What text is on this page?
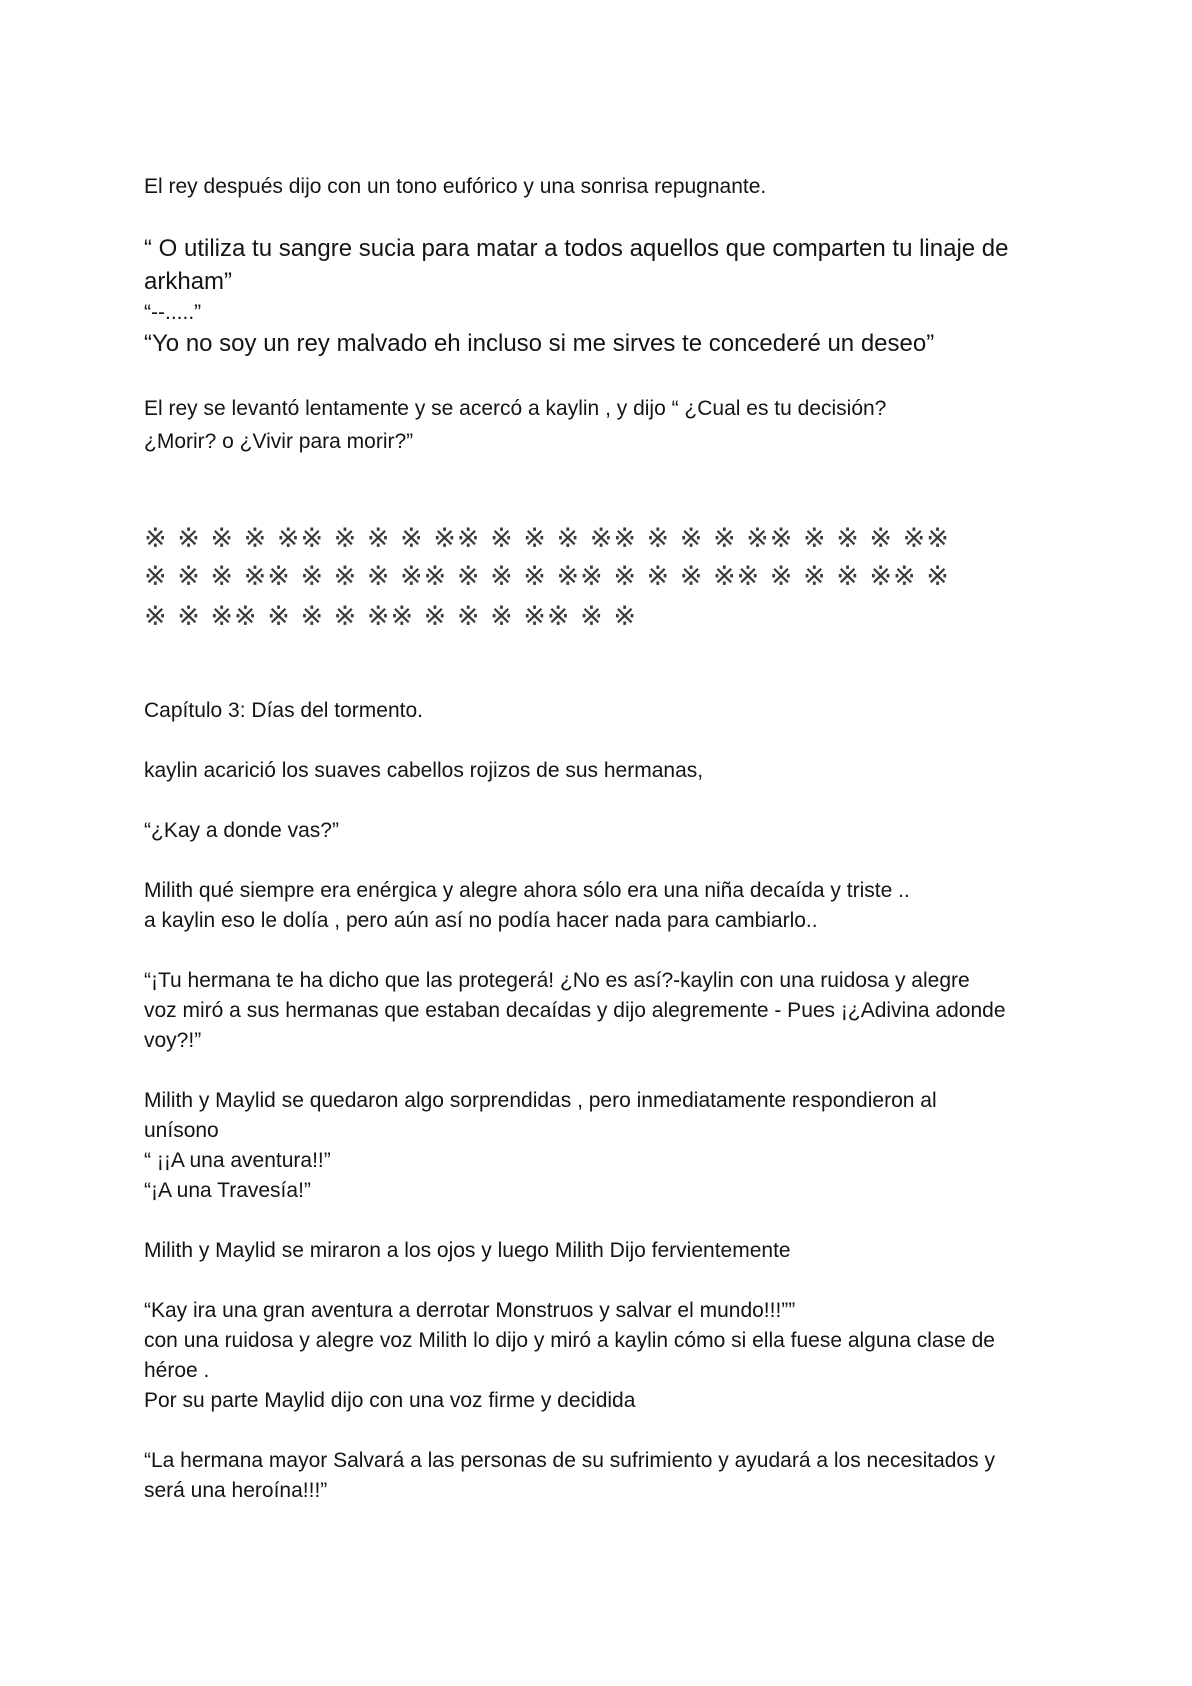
El rey después dijo con un tono eufórico y una sonrisa repugnante.
“ O utiliza tu sangre sucia para matar a todos aquellos que comparten tu linaje de
arkham”
“--.....”
“Yo no soy un rey malvado eh incluso si me sirves te concederé un deseo”
El rey se levantó lentamente y se acercó a kaylin , y dijo “ ¿Cual es tu decisión?
¿Morir? o ¿Vivir para morir?”
※ ※ ※ ※ ※※ ※ ※ ※ ※※ ※ ※ ※ ※※ ※ ※ ※ ※※ ※ ※ ※ ※※
※ ※ ※ ※※ ※ ※ ※ ※※ ※ ※ ※ ※※ ※ ※ ※ ※※ ※ ※ ※ ※※ ※
※ ※ ※※ ※ ※ ※ ※※ ※ ※ ※ ※※ ※ ※
Capítulo 3: Días del tormento.
kaylin acarició los suaves cabellos rojizos de sus hermanas,
“¿Kay a donde vas?”
Milith qué siempre era enérgica y alegre ahora sólo era una niña decaída y triste ..
a kaylin eso le dolía , pero aún así no podía hacer nada para cambiarlo..
“¡Tu hermana te ha dicho que las protegerá! ¿No es así?-kaylin con una ruidosa y alegre
voz miró a sus hermanas que estaban decaídas y dijo alegremente - Pues ¡¿Adivina adonde
voy?!”
Milith y Maylid se quedaron algo sorprendidas , pero inmediatamente respondieron al
unísono
“ ¡¡A una aventura!!”
“¡A una Travesía!”
Milith y Maylid se miraron a los ojos y luego Milith Dijo fervientemente
“Kay ira una gran aventura a derrotar Monstruos y salvar el mundo!!!””
con una ruidosa y alegre voz Milith lo dijo y miró a kaylin cómo si ella fuese alguna clase de
héroe .
Por su parte Maylid dijo con una voz firme y decidida
“La hermana mayor Salvará a las personas de su sufrimiento y ayudará a los necesitados y
será una heroína!!!”
